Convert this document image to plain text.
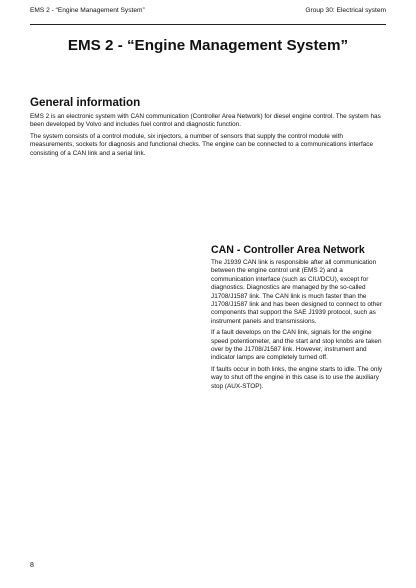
EMS 2 - “Engine Management System”	Group 30: Electrical system
EMS 2 - “Engine Management System”
General information

EMS 2 is an electronic system with CAN communication (Controller Area Network) for diesel engine control. The system has been developed by Volvo and includes fuel control and diagnostic function.

The system consists of a control module, six injectors, a number of sensors that supply the control module with measurements, sockets for diagnosis and functional checks. The engine can be connected to a communications interface consisting of a CAN link and a serial link.

CAN - Controller Area Network

The J1939 CAN link is responsible after all communication between the engine control unit (EMS 2) and a communication interface (such as CIU/DCU), except for diagnostics. Diagnostics are managed by the so-called J1708/J1587 link. The CAN link is much faster than the J1708/J1587 link and has been designed to connect to other components that support the SAE J1939 protocol, such as instrument panels and transmissions.

If a fault develops on the CAN link, signals for the engine speed potentiometer, and the start and stop knobs are taken over by the J1708/J1587 link. However, instrument and indicator lamps are completely turned off.

If faults occur in both links, the engine starts to idle. The only way to shut off the engine in this case is to use the auxiliary stop (AUX-STOP).

8
